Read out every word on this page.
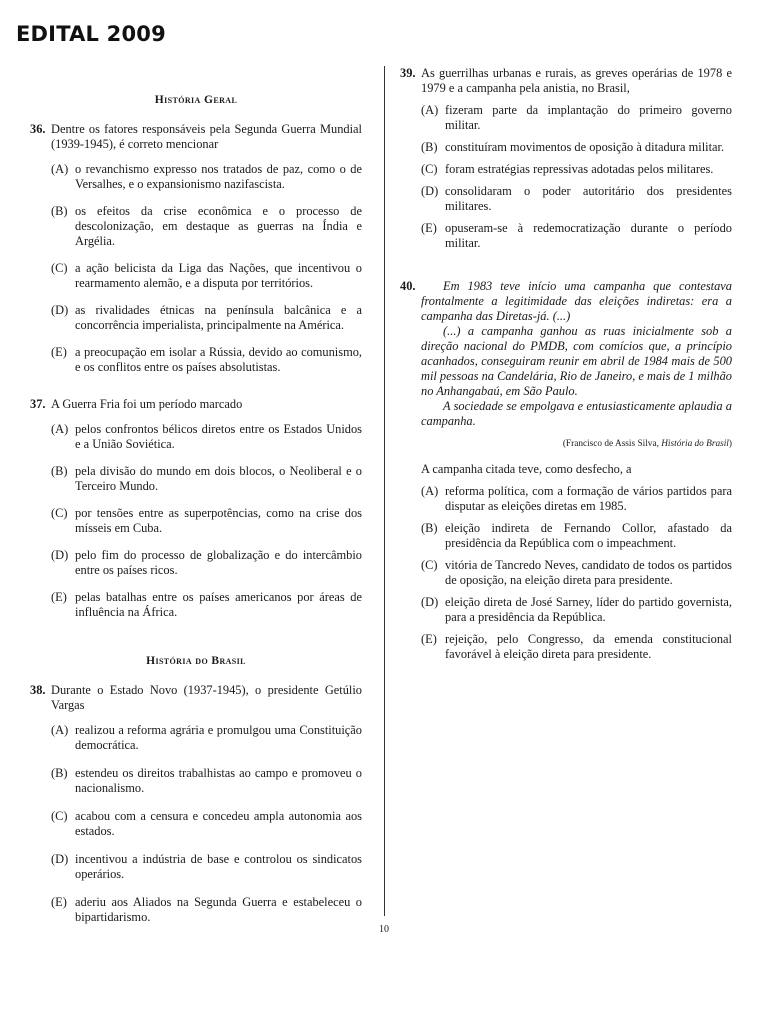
EDITAL 2009
História Geral
36. Dentre os fatores responsáveis pela Segunda Guerra Mundial (1939-1945), é correto mencionar
(A) o revanchismo expresso nos tratados de paz, como o de Versalhes, e o expansionismo nazifascista.
(B) os efeitos da crise econômica e o processo de descolonização, em destaque as guerras na Índia e Argélia.
(C) a ação belicista da Liga das Nações, que incentivou o rearmamento alemão, e a disputa por territórios.
(D) as rivalidades étnicas na península balcânica e a concorrência imperialista, principalmente na América.
(E) a preocupação em isolar a Rússia, devido ao comunismo, e os conflitos entre os países absolutistas.
37. A Guerra Fria foi um período marcado
(A) pelos confrontos bélicos diretos entre os Estados Unidos e a União Soviética.
(B) pela divisão do mundo em dois blocos, o Neoliberal e o Terceiro Mundo.
(C) por tensões entre as superpotências, como na crise dos mísseis em Cuba.
(D) pelo fim do processo de globalização e do intercâmbio entre os países ricos.
(E) pelas batalhas entre os países americanos por áreas de influência na África.
História do Brasil
38. Durante o Estado Novo (1937-1945), o presidente Getúlio Vargas
(A) realizou a reforma agrária e promulgou uma Constituição democrática.
(B) estendeu os direitos trabalhistas ao campo e promoveu o nacionalismo.
(C) acabou com a censura e concedeu ampla autonomia aos estados.
(D) incentivou a indústria de base e controlou os sindicatos operários.
(E) aderiu aos Aliados na Segunda Guerra e estabeleceu o bipartidarismo.
39. As guerrilhas urbanas e rurais, as greves operárias de 1978 e 1979 e a campanha pela anistia, no Brasil,
(A) fizeram parte da implantação do primeiro governo militar.
(B) constituíram movimentos de oposição à ditadura militar.
(C) foram estratégias repressivas adotadas pelos militares.
(D) consolidaram o poder autoritário dos presidentes militares.
(E) opuseram-se à redemocratização durante o período militar.
40.	Em 1983 teve início uma campanha que contestava frontalmente a legitimidade das eleições indiretas: era a campanha das Diretas-já. (...)

(...) a campanha ganhou as ruas inicialmente sob a direção nacional do PMDB, com comícios que, a princípio acanhados, conseguiram reunir em abril de 1984 mais de 500 mil pessoas na Candelária, Rio de Janeiro, e mais de 1 milhão no Anhangabaú, em São Paulo.

A sociedade se empolgava e entusiasticamente aplaudia a campanha.

(Francisco de Assis Silva, História do Brasil)
A campanha citada teve, como desfecho, a
(A) reforma política, com a formação de vários partidos para disputar as eleições diretas em 1985.
(B) eleição indireta de Fernando Collor, afastado da presidência da República com o impeachment.
(C) vitória de Tancredo Neves, candidato de todos os partidos de oposição, na eleição direta para presidente.
(D) eleição direta de José Sarney, líder do partido governista, para a presidência da República.
(E) rejeição, pelo Congresso, da emenda constitucional favorável à eleição direta para presidente.
10
